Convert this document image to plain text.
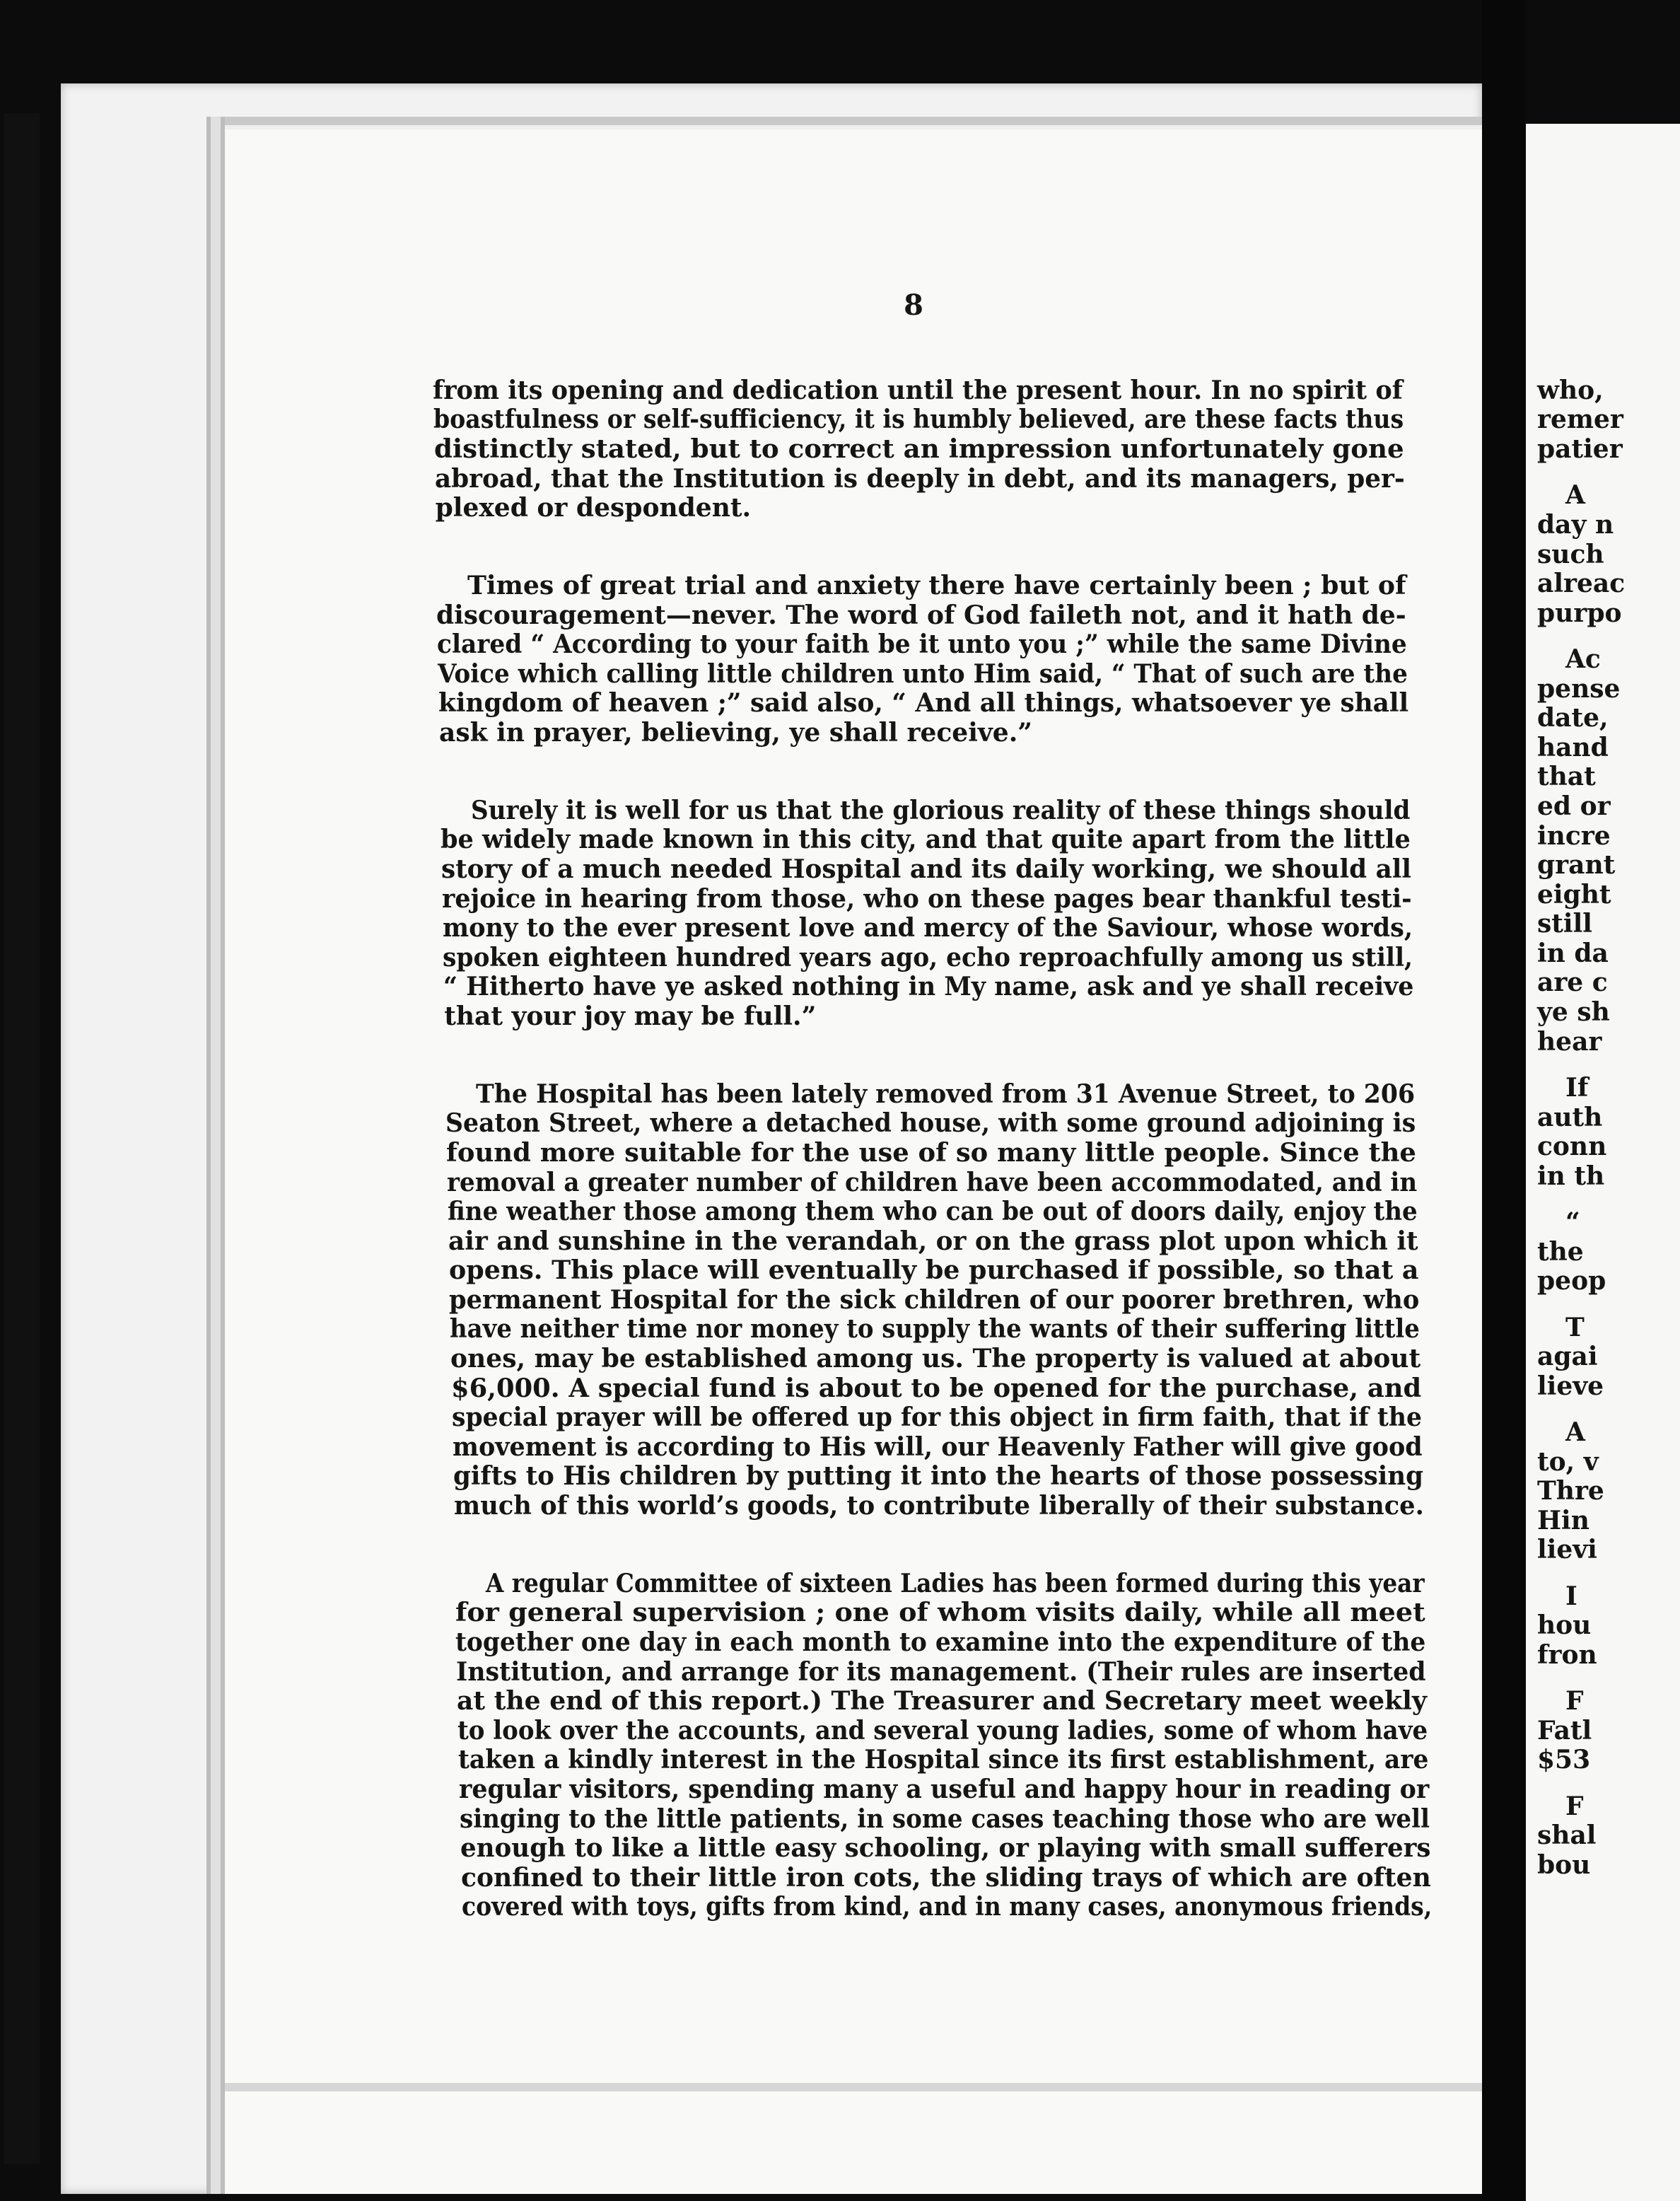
8
from its opening and dedication until the present hour. In no spirit of
boastfulness or self-sufficiency, it is humbly believed, are these facts thus
distinctly stated, but to correct an impression unfortunately gone
abroad, that the Institution is deeply in debt, and its managers, per-
plexed or despondent.
Times of great trial and anxiety there have certainly been ; but of
discouragement—never. The word of God faileth not, and it hath de-
clared “ According to your faith be it unto you ;” while the same Divine
Voice which calling little children unto Him said, “ That of such are the
kingdom of heaven ;” said also, “ And all things, whatsoever ye shall
ask in prayer, believing, ye shall receive.”
Surely it is well for us that the glorious reality of these things should
be widely made known in this city, and that quite apart from the little
story of a much needed Hospital and its daily working, we should all
rejoice in hearing from those, who on these pages bear thankful testi-
mony to the ever present love and mercy of the Saviour, whose words,
spoken eighteen hundred years ago, echo reproachfully among us still,
“ Hitherto have ye asked nothing in My name, ask and ye shall receive
that your joy may be full.”
The Hospital has been lately removed from 31 Avenue Street, to 206
Seaton Street, where a detached house, with some ground adjoining is
found more suitable for the use of so many little people. Since the
removal a greater number of children have been accommodated, and in
fine weather those among them who can be out of doors daily, enjoy the
air and sunshine in the verandah, or on the grass plot upon which it
opens. This place will eventually be purchased if possible, so that a
permanent Hospital for the sick children of our poorer brethren, who
have neither time nor money to supply the wants of their suffering little
ones, may be established among us. The property is valued at about
$6,000. A special fund is about to be opened for the purchase, and
special prayer will be offered up for this object in firm faith, that if the
movement is according to His will, our Heavenly Father will give good
gifts to His children by putting it into the hearts of those possessing
much of this world’s goods, to contribute liberally of their substance.
A regular Committee of sixteen Ladies has been formed during this year
for general supervision ; one of whom visits daily, while all meet
together one day in each month to examine into the expenditure of the
Institution, and arrange for its management. (Their rules are inserted
at the end of this report.) The Treasurer and Secretary meet weekly
to look over the accounts, and several young ladies, some of whom have
taken a kindly interest in the Hospital since its first establishment, are
regular visitors, spending many a useful and happy hour in reading or
singing to the little patients, in some cases teaching those who are well
enough to like a little easy schooling, or playing with small sufferers
confined to their little iron cots, the sliding trays of which are often
covered with toys, gifts from kind, and in many cases, anonymous friends,
who,
remer
patier
A
day n
such
alreac
purpo
Ac
pense
date,
hand
that
ed or
incre
grant
eight
still
in da
are c
ye sh
hear
If
auth
conn
in th
“
the
peop
T
agai
lieve
A
to, v
Thre
Hin
lievi
I
hou
fron
F
Fatl
$53
F
shal
bou
